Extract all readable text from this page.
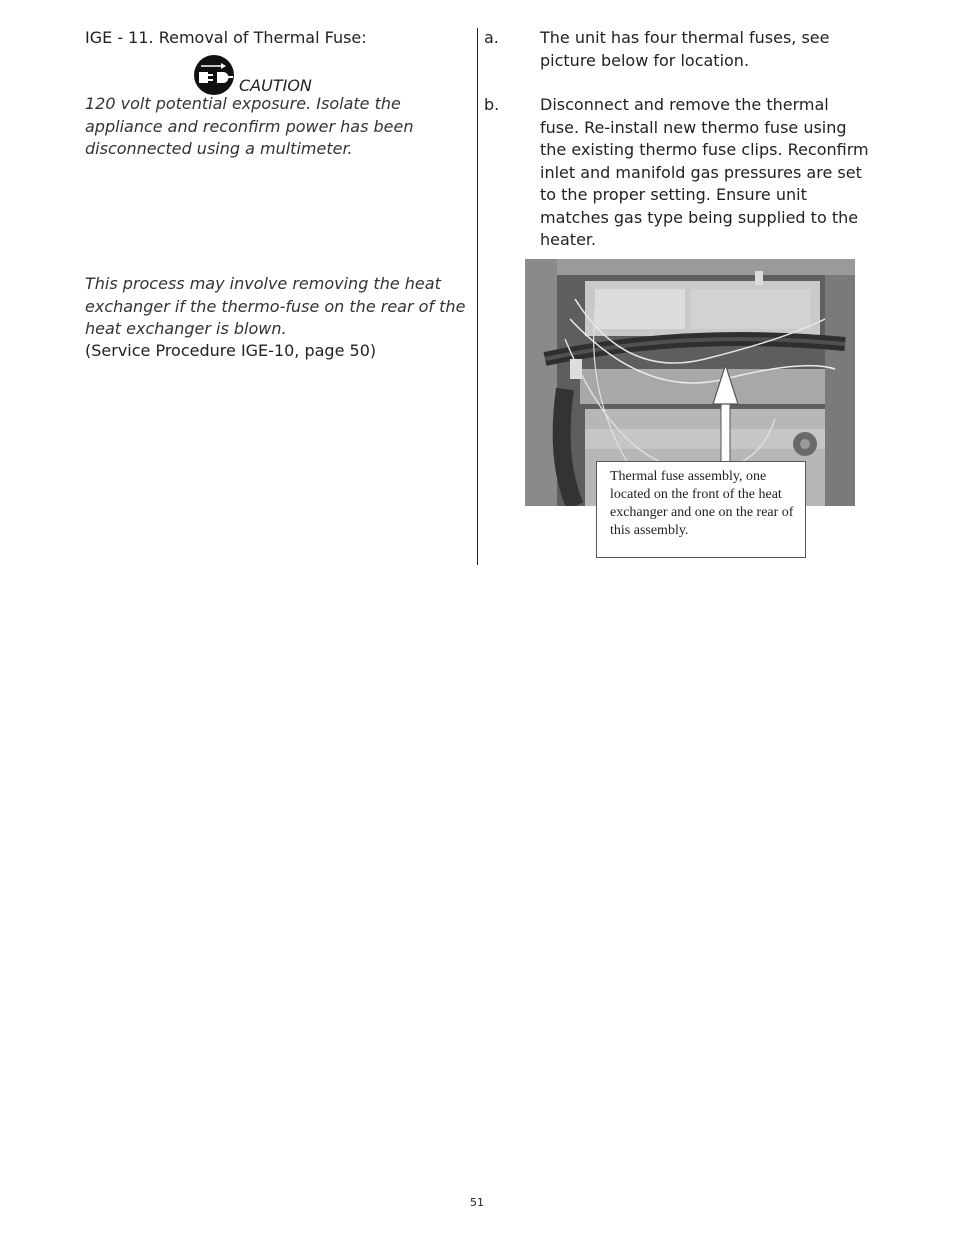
IGE - 11. Removal of Thermal Fuse:
CAUTION
120 volt potential exposure. Isolate the appliance and reconfirm power has been disconnected using a multimeter.
This process may involve removing the heat exchanger if the thermo-fuse on the rear of the heat exchanger is blown.
(Service Procedure IGE-10, page 50)
a.	The unit has four thermal fuses, see picture below for location.
b.	Disconnect and remove the thermal fuse. Re-install new thermo fuse using the existing thermo fuse clips. Reconfirm inlet and manifold gas pressures are set to the proper setting. Ensure unit matches gas type being supplied to the heater.
Thermal fuse assembly, one located on the front of the heat exchanger and one on the rear of this assembly.
51
